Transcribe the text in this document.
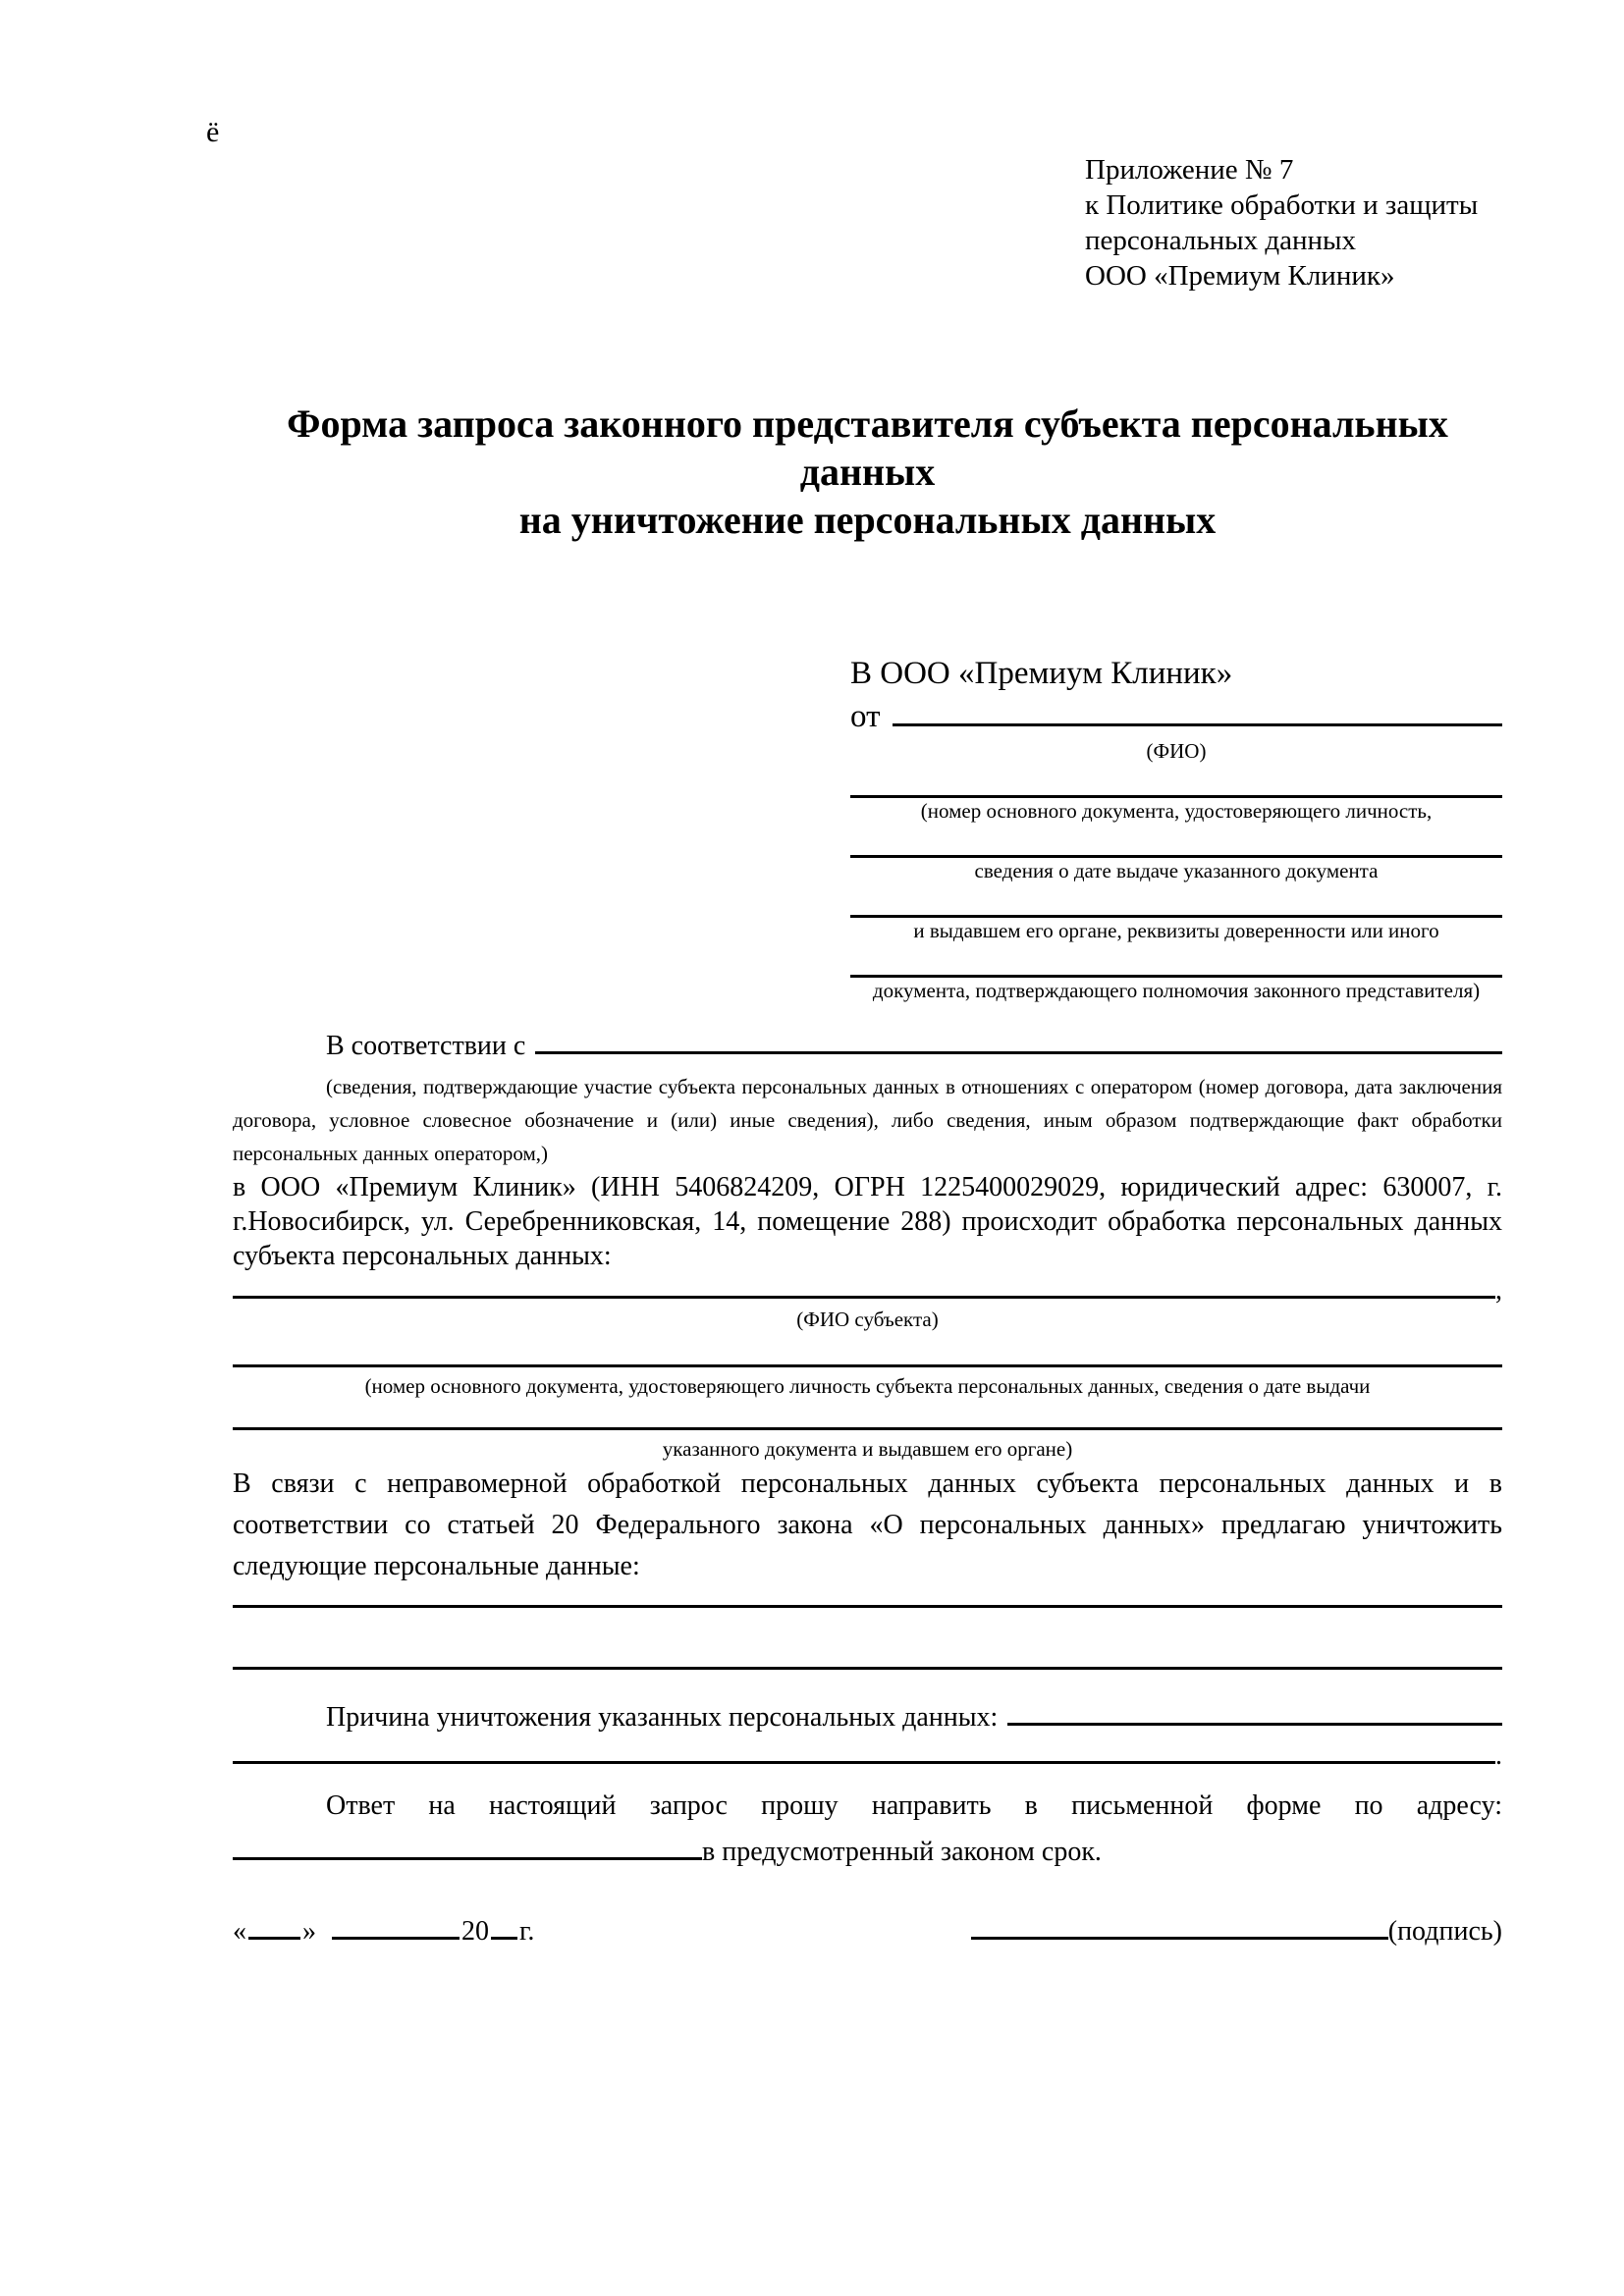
ё
Приложение № 7
к Политике обработки и защиты
персональных данных
ООО «Премиум Клиник»
Форма запроса законного представителя субъекта персональных данных
на уничтожение персональных данных
В ООО «Премиум Клиник»
от
(ФИО)
(номер основного документа, удостоверяющего личность,
сведения о дате выдаче указанного документа
и выдавшем его органе, реквизиты доверенности или иного
документа, подтверждающего полномочия законного представителя)
В соответствии с

(сведения, подтверждающие участие субъекта персональных данных в отношениях с оператором (номер договора, дата заключения договора, условное словесное обозначение и (или) иные сведения), либо сведения, иным образом подтверждающие факт обработки персональных данных оператором,)

в ООО «Премиум Клиник» (ИНН 5406824209, ОГРН 1225400029029, юридический адрес: 630007, г. г.Новосибирск, ул. Серебренниковская, 14, помещение 288) происходит обработка персональных данных субъекта персональных данных:

,
(ФИО субъекта)
(номер основного документа, удостоверяющего личность субъекта персональных данных, сведения о дате выдачи
указанного документа и выдавшем его органе)

В связи с неправомерной обработкой персональных данных субъекта персональных данных и в соответствии со статьей 20 Федерального закона «О персональных данных» предлагаю уничтожить следующие персональные данные:

Причина уничтожения указанных персональных данных:
.

Ответ на настоящий запрос прошу направить в письменной форме по адресу:

в предусмотренный законом срок.
« »	20 г.	(подпись)
